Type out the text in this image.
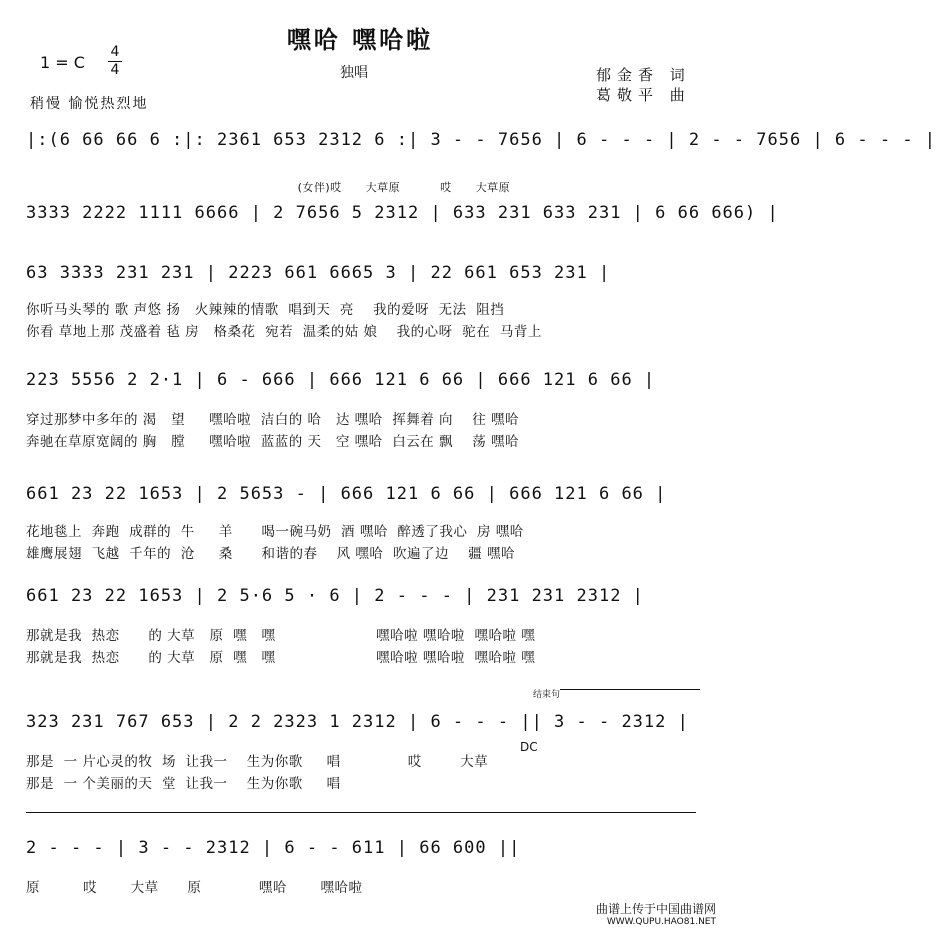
嘿哈 嘿哈啦
1 = C
4
4	独唱	郁金香 词
葛敬平 曲
稍慢 愉悦热烈地
|:(6 66 66 6 :|: 2361 653 2312 6 :| 3 - - 7656 | 6 - - - | 2 - - 7656 | 6 - - - |

(女伴)哎      大草原          哎      大草原

3333 2222 1111 6666 | 2 7656 5 2312 | 633 231 633 231 | 6 66 666) |
63 3333 231 231 | 2223 661 6665 3 | 22 661 653 231 |
你听马头琴的 歌 声悠 扬   火辣辣的情歌  唱到天  亮    我的爱呀  无法  阻挡
你看 草地上那 茂盛着 毡 房   格桑花  宛若  温柔的姑 娘    我的心呀  驼在  马背上
223 5556 2 2·1 | 6 - 666 | 666 121 6 66 | 666 121 6 66 |
穿过那梦中多年的 渴   望     嘿哈啦  洁白的 哈   达 嘿哈  挥舞着 向    往 嘿哈
奔驰在草原宽阔的 胸   膛     嘿哈啦  蓝蓝的 天   空 嘿哈  白云在 飘    荡 嘿哈
661 23 22 1653 | 2 5653 - | 666 121 6 66 | 666 121 6 66 |
花地毯上  奔跑  成群的  牛     羊      喝一碗马奶  酒 嘿哈  醉透了我心  房 嘿哈
雄鹰展翅  飞越  千年的  沧     桑      和谐的春    风 嘿哈  吹遍了边    疆 嘿哈
661 23 22 1653 | 2 5·6 5 · 6 | 2 - - - | 231 231 2312 |
那就是我  热恋      的 大草   原  嘿   嘿                     嘿哈啦 嘿哈啦  嘿哈啦 嘿
那就是我  热恋      的 大草   原  嘿   嘿                     嘿哈啦 嘿哈啦  嘿哈啦 嘿
结束句
323 231 767 653 | 2 2 2323 1 2312 | 6 - - - || 3 - - 2312 |
DC
那是  一 片心灵的牧  场  让我一    生为你歌     唱              哎        大草
那是  一 个美丽的天  堂  让我一    生为你歌     唱
2 - - - | 3 - - 2312 | 6 - - 611 | 66 600 ||
原         哎       大草      原            嘿哈       嘿哈啦
曲谱上传于中国曲谱网
WWW.QUPU.HAO81.NET
